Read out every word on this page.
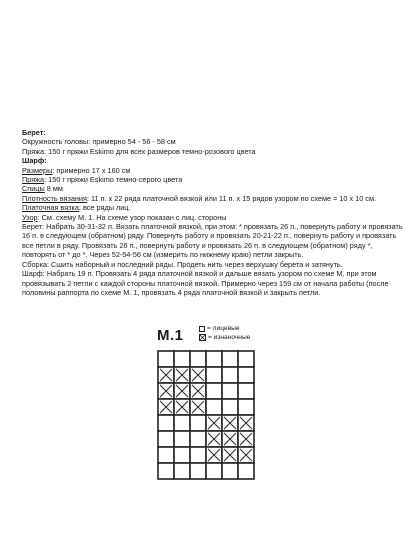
Берет:
Окружность головы: примерно 54 - 56 - 58 см
Пряжа: 150 г пряжи Eskimo для всех размеров темно-розового цвета
Шарф:
Размеры: примерно 17 х 160 см
Пряжа: 150 г пряжи Eskimo темно-серого цвета
Спицы 8 мм
Плотность вязания: 11 п. х 22 ряда платочной вязкой или 11 п. х 15 рядов узором по схеме = 10 х 10 см.
Платочная вязка: все ряды лиц.
Узор: См. схему М. 1. На схеме узор показан с лиц. стороны
Берет: Набрать 30-31-32 п. Вязать платочной вязкой, при этом: * провязать 26 п., повернуть работу и провязать
16 п. в следующем (обратном) ряду. Повернуть работу и провязать 20-21-22 п., повернуть работу и провязать
все петли в ряду. Провязать 26 п., повернуть работу и провязать 26 п. в следующем (обратном) ряду *,
повторять от * до *. Через 52-54-56 см (измерить по нижнему краю) петли закрыть.
Сборка: Сшить наборный и последний ряды. Продеть нить через верхушку берета и затянуть.
Шарф: Набрать 19 п. Провязать 4 ряда платочной вязкой и дальше вязать узором по схеме М, при этом
провязывать 2 петли с каждой стороны платочной вязкой. Примерно через 159 см от начала работы (после
половины раппорта по схеме М. 1, провязать 4 ряда платочной вязкой и закрыть петли.
M.1	= лицевые
= изнаночные
